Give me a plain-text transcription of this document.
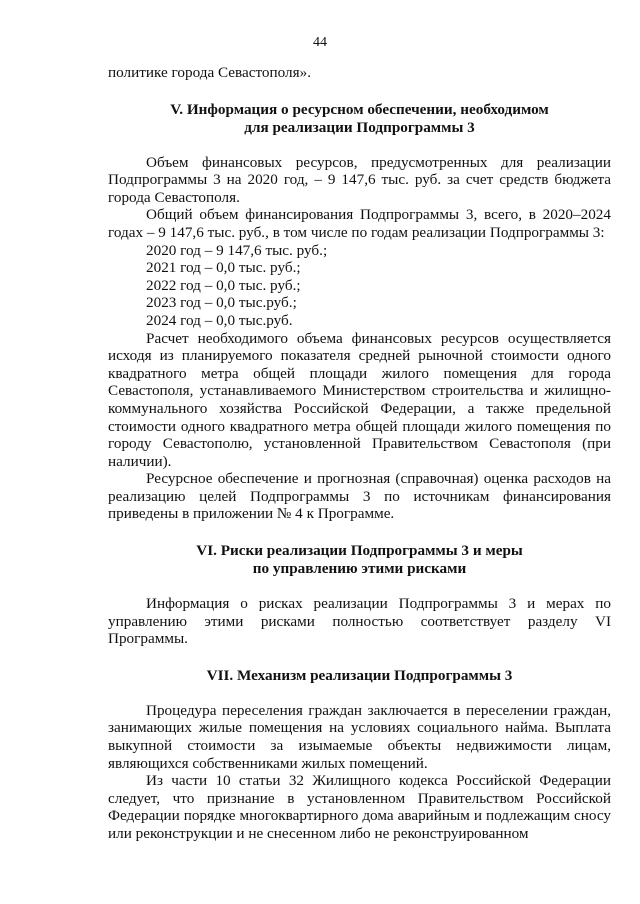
44

политике города Севастополя».

V. Информация о ресурсном обеспечении, необходимом
для реализации Подпрограммы 3

Объем финансовых ресурсов, предусмотренных для реализации Подпрограммы 3 на 2020 год, – 9 147,6 тыс. руб. за счет средств бюджета города Севастополя.

Общий объем финансирования Подпрограммы 3, всего, в 2020–2024 годах – 9 147,6 тыс. руб., в том числе по годам реализации Подпрограммы 3:

2020 год – 9 147,6 тыс. руб.;

2021 год – 0,0 тыс. руб.;

2022 год – 0,0 тыс. руб.;

2023 год – 0,0 тыс.руб.;

2024 год – 0,0 тыс.руб.

Расчет необходимого объема финансовых ресурсов осуществляется исходя из планируемого показателя средней рыночной стоимости одного квадратного метра общей площади жилого помещения для города Севастополя, устанавливаемого Министерством строительства и жилищно-коммунального хозяйства Российской Федерации, а также предельной стоимости одного квадратного метра общей площади жилого помещения по городу Севастополю, установленной Правительством Севастополя (при наличии).

Ресурсное обеспечение и прогнозная (справочная) оценка расходов на реализацию целей Подпрограммы 3 по источникам финансирования приведены в приложении № 4 к Программе.

VI. Риски реализации Подпрограммы 3 и меры
по управлению этими рисками

Информация о рисках реализации Подпрограммы 3 и мерах по управлению этими рисками полностью соответствует разделу VI Программы.

VII. Механизм реализации Подпрограммы 3

Процедура переселения граждан заключается в переселении граждан, занимающих жилые помещения на условиях социального найма. Выплата выкупной стоимости за изымаемые объекты недвижимости лицам, являющихся собственниками жилых помещений.

Из части 10 статьи 32 Жилищного кодекса Российской Федерации следует, что признание в установленном Правительством Российской Федерации порядке многоквартирного дома аварийным и подлежащим сносу или реконструкции и не снесенном либо не реконструированном
